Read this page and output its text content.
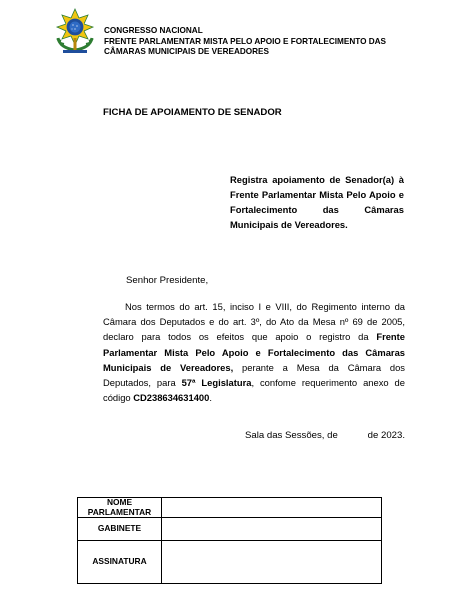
CONGRESSO NACIONAL
FRENTE PARLAMENTAR MISTA PELO APOIO E FORTALECIMENTO DAS
CÂMARAS MUNICIPAIS DE VEREADORES

FICHA DE APOIAMENTO DE SENADOR

Registra apoiamento de Senador(a) à Frente Parlamentar Mista Pelo Apoio e Fortalecimento das Câmaras Municipais de Vereadores.

Senhor Presidente,

Nos termos do art. 15, inciso I e VIII, do Regimento interno da Câmara dos Deputados e do art. 3º, do Ato da Mesa nº 69 de 2005, declaro para todos os efeitos que apoio o registro da Frente Parlamentar Mista Pelo Apoio e Fortalecimento das Câmaras Municipais de Vereadores, perante a Mesa da Câmara dos Deputados, para 57ª Legislatura, confome requerimento anexo de código CD238634631400.

Sala das Sessões, de	de 2023.

NOME PARLAMENTAR	
GABINETE	
ASSINATURA	
